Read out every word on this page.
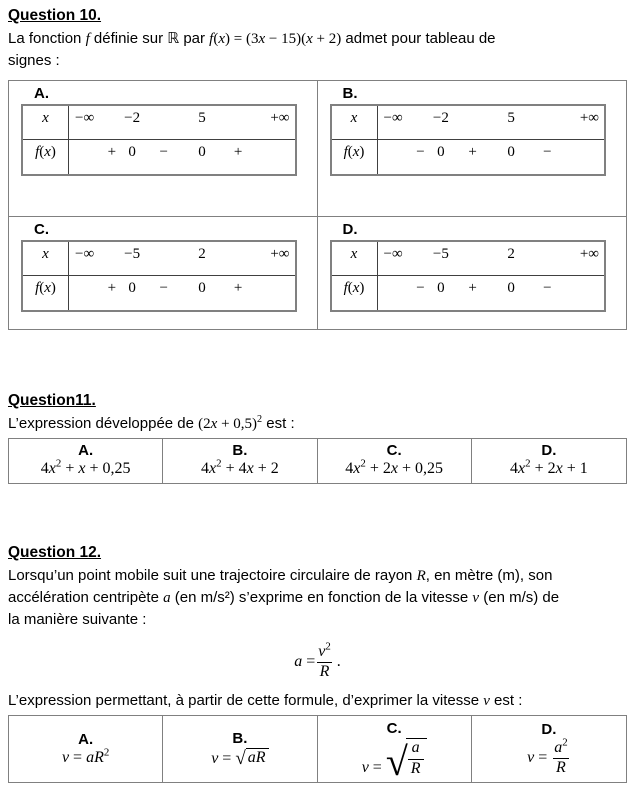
Question 10.
La fonction f définie sur ℝ par f(x) = (3x − 15)(x + 2) admet pour tableau de
signes :
A.
x −∞ −2	5	+∞
f ( x )	+ 0 − 0 +
B.
x −∞ −2	5	+∞
f ( x )	− 0 + 0 −
C.
x −∞ −5	2	+∞
f ( x )	+ 0 − 0 +
D.
x −∞ −5	2	+∞
f ( x )	− 0 + 0 −
Question11.
L’expression développée de $(2x + 0,5)^2$ est :
A.
$4x^2 + x + 0,25$
B.
$4x^2 + 4x + 2$
C.
$4x^2 + 2x + 0,25$
D.
$4x^2 + 2x + 1$
Question 12.
Lorsqu’un point mobile suit une trajectoire circulaire de rayon R, en mètre (m), son
accélération centripète a (en m/s²) s’exprime en fonction de la vitesse v (en m/s) de
la manière suivante :
$a = \frac{v^2}{R}$ .
L’expression permettant, à partir de cette formule, d’exprimer la vitesse v est :
A.
$v = aR^2$
B.
v = √ aR
C.
v = √ $\frac{a}{R}$
D.
$v = \frac{a^2}{R}$
